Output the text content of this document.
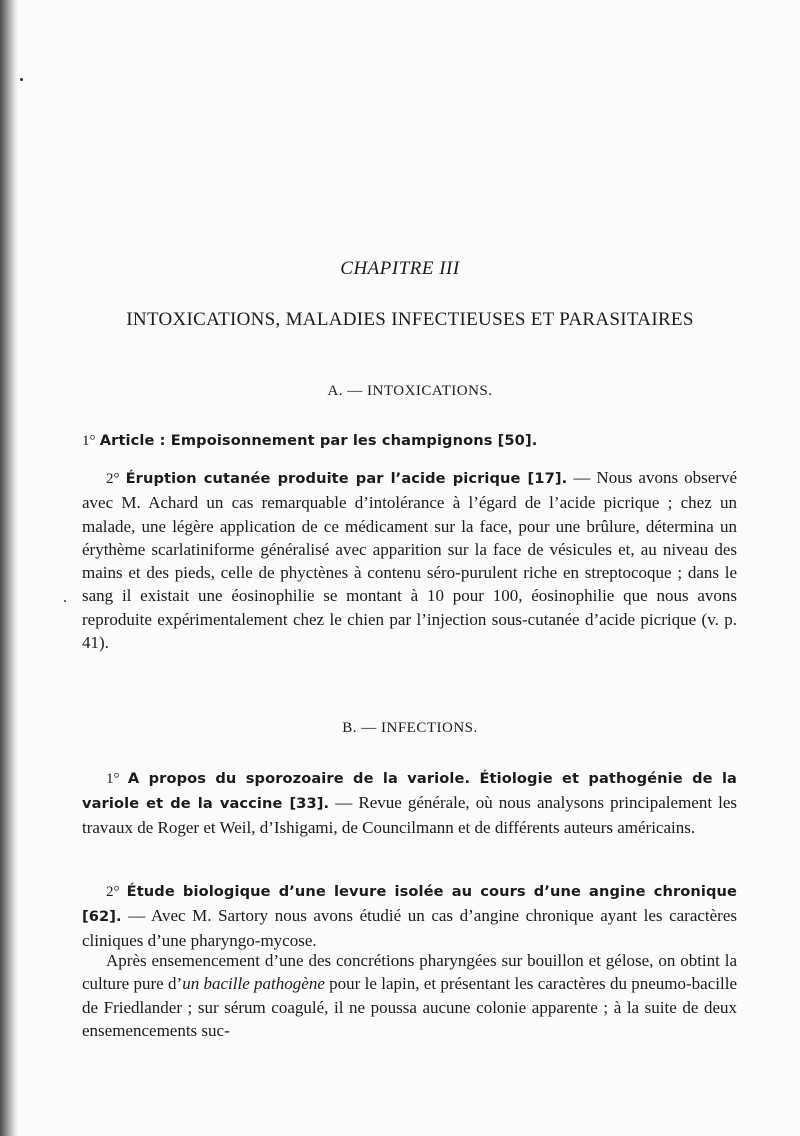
CHAPITRE III
INTOXICATIONS, MALADIES INFECTIEUSES ET PARASITAIRES
A. — INTOXICATIONS.
1° Article : Empoisonnement par les champignons [50].
2° Éruption cutanée produite par l’acide picrique [17]. — Nous avons observé avec M. Achard un cas remarquable d’intolérance à l’égard de l’acide picrique ; chez un malade, une légère application de ce médicament sur la face, pour une brûlure, détermina un érythème scarlatiniforme généralisé avec apparition sur la face de vésicules et, au niveau des mains et des pieds, celle de phyctènes à contenu séro-purulent riche en streptocoque ; dans le sang il existait une éosinophilie se montant à 10 pour 100, éosinophilie que nous avons reproduite expérimentalement chez le chien par l’injection sous-cutanée d’acide picrique (v. p. 41).
B. — INFECTIONS.
1° A propos du sporozoaire de la variole. Étiologie et pathogénie de la variole et de la vaccine [33]. — Revue générale, où nous analysons principalement les travaux de Roger et Weil, d’Ishigami, de Councilmann et de différents auteurs américains.
2° Étude biologique d’une levure isolée au cours d’une angine chronique [62]. — Avec M. Sartory nous avons étudié un cas d’angine chronique ayant les caractères cliniques d’une pharyngo-mycose.
Après ensemencement d’une des concrétions pharyngées sur bouillon et gélose, on obtint la culture pure d’un bacille pathogène pour le lapin, et présentant les caractères du pneumo-bacille de Friedlander ; sur sérum coagulé, il ne poussa aucune colonie apparente ; à la suite de deux ensemencements suc-
